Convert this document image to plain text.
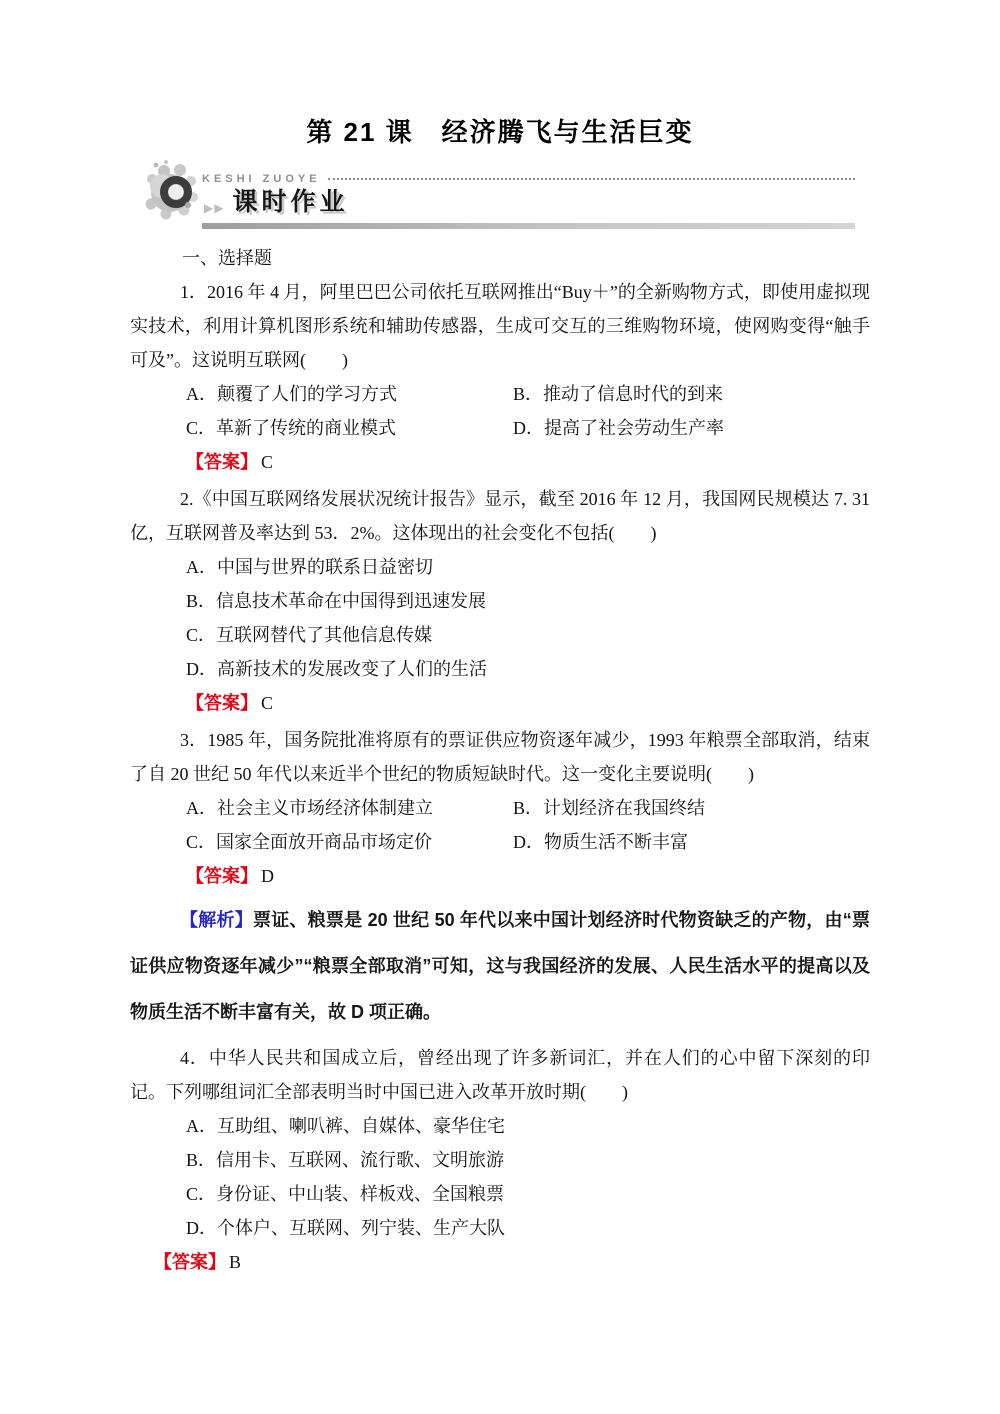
第 21 课　经济腾飞与生活巨变
KESHI ZUOYE
▶▶ 课时作业

一、选择题

1．2016 年 4 月，阿里巴巴公司依托互联网推出“Buy＋”的全新购物方式，即使用虚拟现实技术，利用计算机图形系统和辅助传感器，生成可交互的三维购物环境，使网购变得“触手可及”。这说明互联网(　　)

A．颠覆了人们的学习方式	B．推动了信息时代的到来
C．革新了传统的商业模式	D．提高了社会劳动生产率

【答案】 C

2.《中国互联网络发展状况统计报告》显示，截至 2016 年 12 月，我国网民规模达 7. 31 亿，互联网普及率达到 53．2%。这体现出的社会变化不包括(　　)

A．中国与世界的联系日益密切
B．信息技术革命在中国得到迅速发展
C．互联网替代了其他信息传媒
D．高新技术的发展改变了人们的生活

【答案】 C

3．1985 年，国务院批准将原有的票证供应物资逐年减少，1993 年粮票全部取消，结束了自 20 世纪 50 年代以来近半个世纪的物质短缺时代。这一变化主要说明(　　)

A．社会主义市场经济体制建立	B．计划经济在我国终结
C．国家全面放开商品市场定价	D．物质生活不断丰富

【答案】 D

【解析】票证、粮票是 20 世纪 50 年代以来中国计划经济时代物资缺乏的产物，由“票证供应物资逐年减少”“粮票全部取消”可知，这与我国经济的发展、人民生活水平的提高以及物质生活不断丰富有关，故 D 项正确。

4．中华人民共和国成立后，曾经出现了许多新词汇，并在人们的心中留下深刻的印记。下列哪组词汇全部表明当时中国已进入改革开放时期(　　)

A．互助组、喇叭裤、自媒体、豪华住宅
B．信用卡、互联网、流行歌、文明旅游
C．身份证、中山装、样板戏、全国粮票
D．个体户、互联网、列宁装、生产大队

【答案】 B
